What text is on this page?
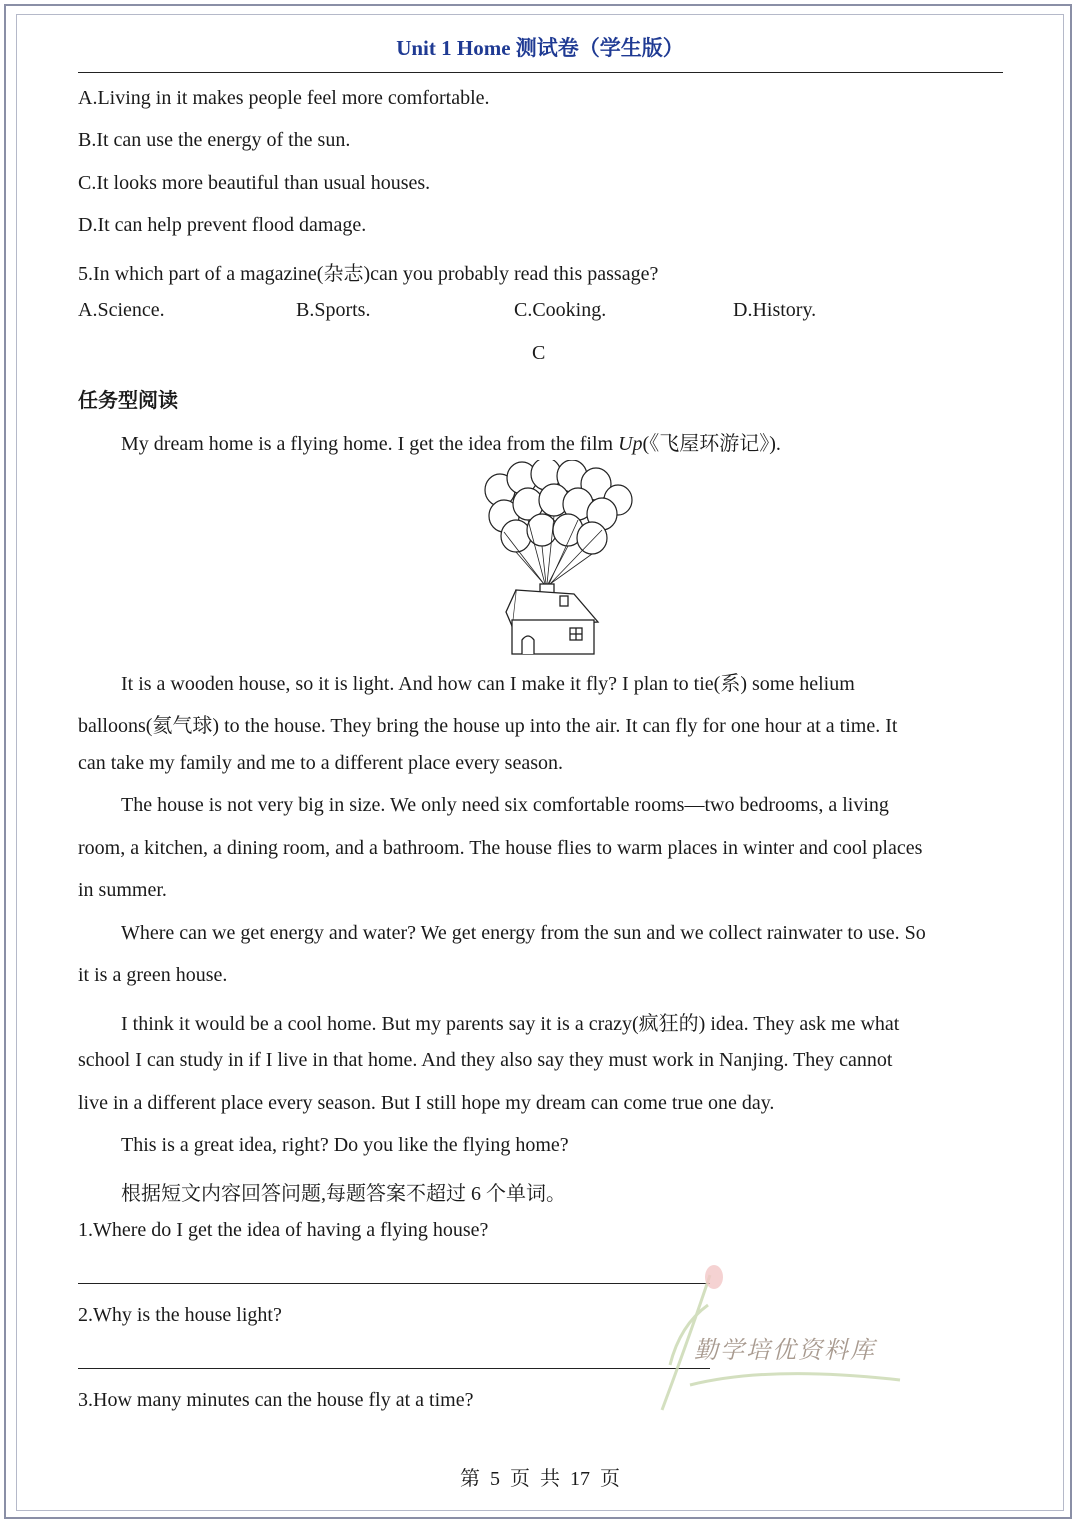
Unit 1 Home 测试卷（学生版）
A.Living in it makes people feel more comfortable.
B.It can use the energy of the sun.
C.It looks more beautiful than usual houses.
D.It can help prevent flood damage.
5.In which part of a magazine(杂志)can you probably read this passage?
A.Science.	B.Sports.	C.Cooking.	D.History.
C
任务型阅读
My dream home is a flying home. I get the idea from the film Up(《飞屋环游记》).
It is a wooden house, so it is light. And how can I make it fly? I plan to tie(系) some helium
balloons(氦气球) to the house. They bring the house up into the air. It can fly for one hour at a time. It
can take my family and me to a different place every season.
The house is not very big in size. We only need six comfortable rooms—two bedrooms, a living
room, a kitchen, a dining room, and a bathroom. The house flies to warm places in winter and cool places
in summer.
Where can we get energy and water? We get energy from the sun and we collect rainwater to use. So
it is a green house.
I think it would be a cool home. But my parents say it is a crazy(疯狂的) idea. They ask me what
school I can study in if I live in that home. And they also say they must work in Nanjing. They cannot
live in a different place every season. But I still hope my dream can come true one day.
This is a great idea, right? Do you like the flying home?
根据短文内容回答问题,每题答案不超过 6 个单词。
1.Where do I get the idea of having a flying house?
2.Why is the house light?
3.How many minutes can the house fly at a time?
勤学培优资料库
第 5 页 共 17 页
